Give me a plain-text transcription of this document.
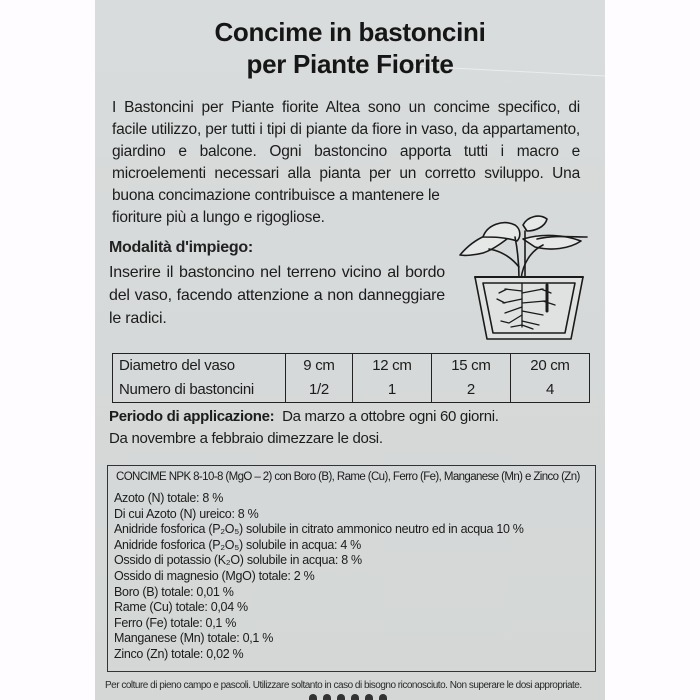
Concime in bastoncini
per Piante Fiorite
I Bastoncini per Piante fiorite Altea sono un concime specifico, di facile utilizzo, per tutti i tipi di piante da fiore in vaso, da appartamento, giardino e balcone. Ogni bastoncino apporta tutti i macro e microelementi necessari alla pianta per un corretto sviluppo. Una buona concimazione contribuisce a mantenere le
fioriture più a lungo e rigogliose.
Modalità d'impiego:
Inserire il bastoncino nel terreno vicino al bordo del vaso, facendo attenzione a non danneggiare le radici.
Diametro del vaso	9 cm	12 cm	15 cm	20 cm
Numero di bastoncini	1/2	1	2	4
Periodo di applicazione: Da marzo a ottobre ogni 60 giorni.
Da novembre a febbraio dimezzare le dosi.
CONCIME NPK 8-10-8 (MgO – 2) con Boro (B), Rame (Cu), Ferro (Fe), Manganese (Mn) e Zinco (Zn)
Azoto (N) totale: 8 %
Di cui Azoto (N) ureico: 8 %
Anidride fosforica (P₂O₅) solubile in citrato ammonico neutro ed in acqua 10 %
Anidride fosforica (P₂O₅) solubile in acqua: 4 %
Ossido di potassio (K₂O) solubile in acqua: 8 %
Ossido di magnesio (MgO) totale: 2 %
Boro (B) totale: 0,01 %
Rame (Cu) totale: 0,04 %
Ferro (Fe) totale: 0,1 %
Manganese (Mn) totale: 0,1 %
Zinco (Zn) totale: 0,02 %
Per colture di pieno campo e pascoli. Utilizzare soltanto in caso di bisogno riconosciuto. Non superare le dosi appropriate.
